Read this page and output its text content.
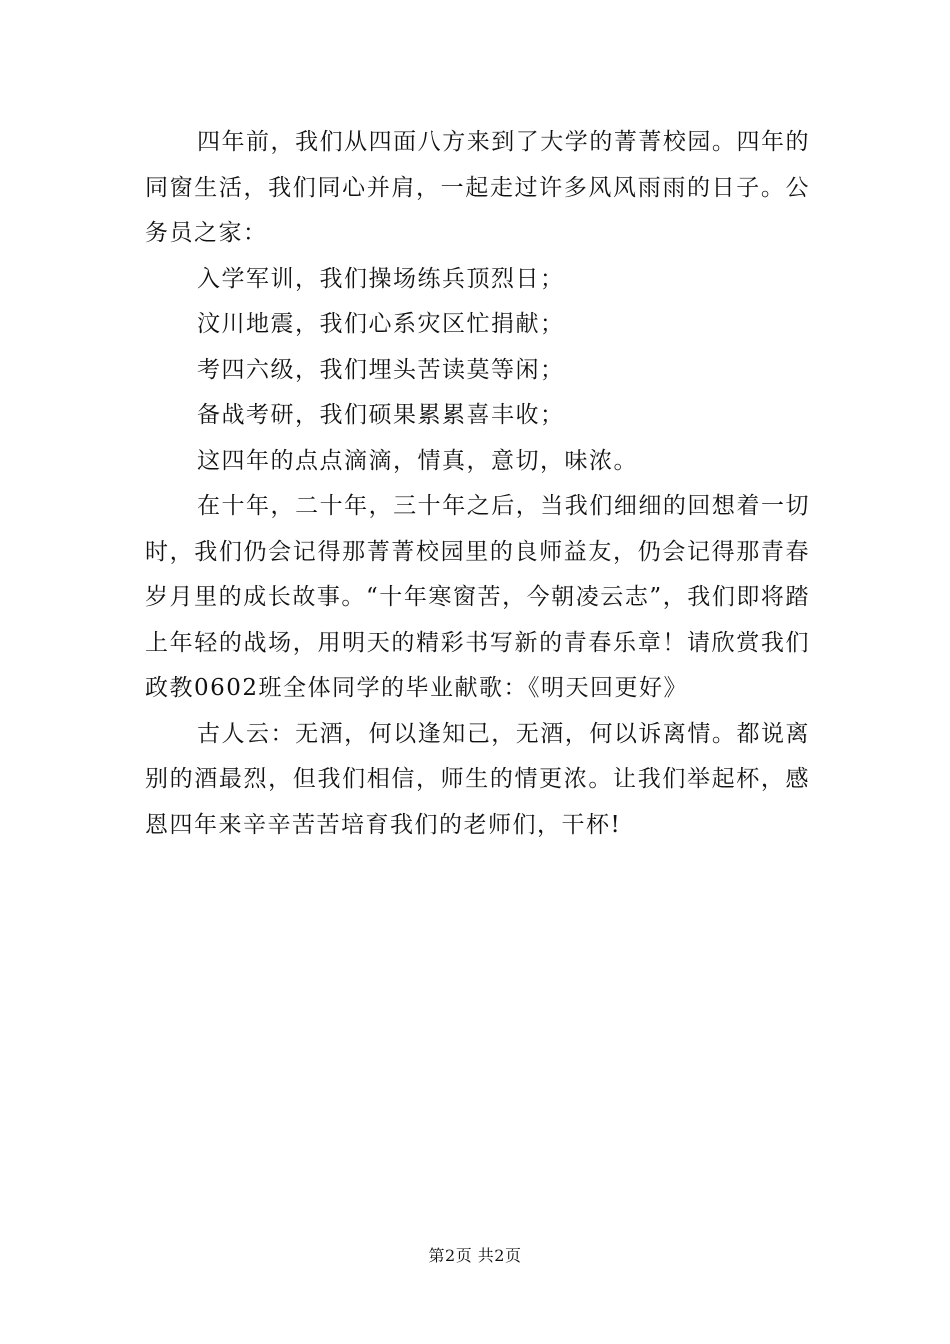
四年前，我们从四面八方来到了大学的菁菁校园。四年的同窗生活，我们同心并肩，一起走过许多风风雨雨的日子。公务员之家：

入学军训，我们操场练兵顶烈日；

汶川地震，我们心系灾区忙捐献；

考四六级，我们埋头苦读莫等闲；

备战考研，我们硕果累累喜丰收；

这四年的点点滴滴，情真，意切，味浓。

在十年，二十年，三十年之后，当我们细细的回想着一切时，我们仍会记得那菁菁校园里的良师益友，仍会记得那青春岁月里的成长故事。“十年寒窗苦，今朝凌云志”，我们即将踏上年轻的战场，用明天的精彩书写新的青春乐章！请欣赏我们政教0602班全体同学的毕业献歌：《明天回更好》

古人云：无酒，何以逢知己，无酒，何以诉离情。都说离别的酒最烈，但我们相信，师生的情更浓。让我们举起杯，感恩四年来辛辛苦苦培育我们的老师们，干杯!

第2页 共2页
